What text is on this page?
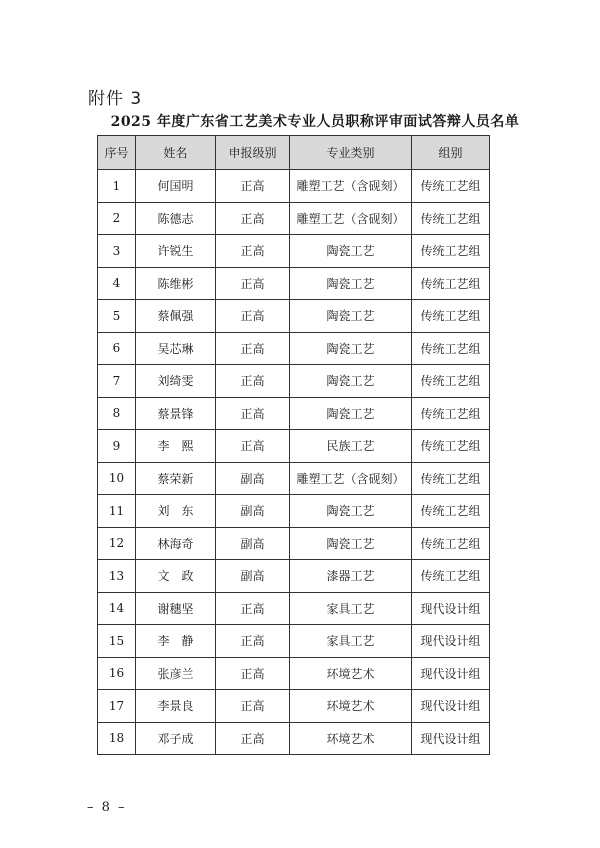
附件 3
2025 年度广东省工艺美术专业人员职称评审面试答辩人员名单
序号	姓名	申报级别	专业类别	组别
1	何国明	正高	雕塑工艺（含砚刻）	传统工艺组
2	陈德志	正高	雕塑工艺（含砚刻）	传统工艺组
3	许锐生	正高	陶瓷工艺	传统工艺组
4	陈维彬	正高	陶瓷工艺	传统工艺组
5	蔡佩强	正高	陶瓷工艺	传统工艺组
6	吴芯琳	正高	陶瓷工艺	传统工艺组
7	刘绮雯	正高	陶瓷工艺	传统工艺组
8	蔡景锋	正高	陶瓷工艺	传统工艺组
9	李　熙	正高	民族工艺	传统工艺组
10	蔡荣新	副高	雕塑工艺（含砚刻）	传统工艺组
11	刘　东	副高	陶瓷工艺	传统工艺组
12	林海奇	副高	陶瓷工艺	传统工艺组
13	文　政	副高	漆器工艺	传统工艺组
14	谢穗坚	正高	家具工艺	现代设计组
15	李　静	正高	家具工艺	现代设计组
16	张彦兰	正高	环境艺术	现代设计组
17	李景良	正高	环境艺术	现代设计组
18	邓子成	正高	环境艺术	现代设计组
– 8 –
